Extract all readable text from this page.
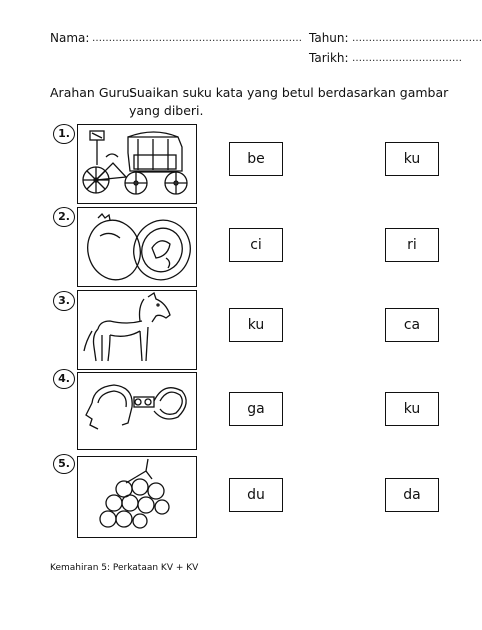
Nama: ……………………………………………………… Tahun: …………………………………
Tarikh: ……………………………
Arahan Guru:
Suaikan suku kata yang betul berdasarkan gambar
yang diberi.
1.
be	ku
2.
ci	ri
3.
ku	ca
4.
ga	ku
5.
du	da
Kemahiran 5: Perkataan KV + KV
